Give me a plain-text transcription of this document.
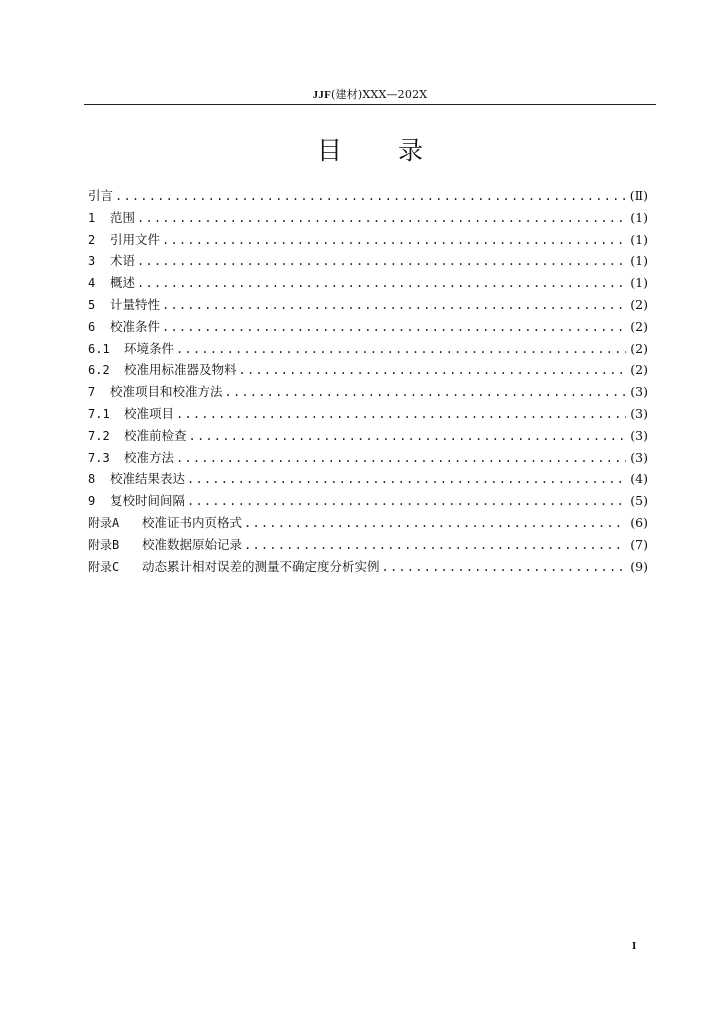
JJF(建材)XXX—202X
目 录
引言 .....	(Ⅱ)
1	范围 .....	(1)
2	引用文件 .....	(1)
3	术语 .....	(1)
4	概述 .....	(1)
5	计量特性 .....	(2)
6	校准条件 .....	(2)
6.1	环境条件 .....	(2)
6.2	校准用标准器及物料 .....	(2)
7	校准项目和校准方法 .....	(3)
7.1	校准项目 .....	(3)
7.2	校准前检查 .....	(3)
7.3	校准方法 .....	(3)
8	校准结果表达 .....	(4)
9	复校时间间隔 .....	(5)
附录A	校准证书内页格式 .....	(6)
附录B	校准数据原始记录 .....	(7)
附录C	动态累计相对误差的测量不确定度分析实例 .....	(9)
I
